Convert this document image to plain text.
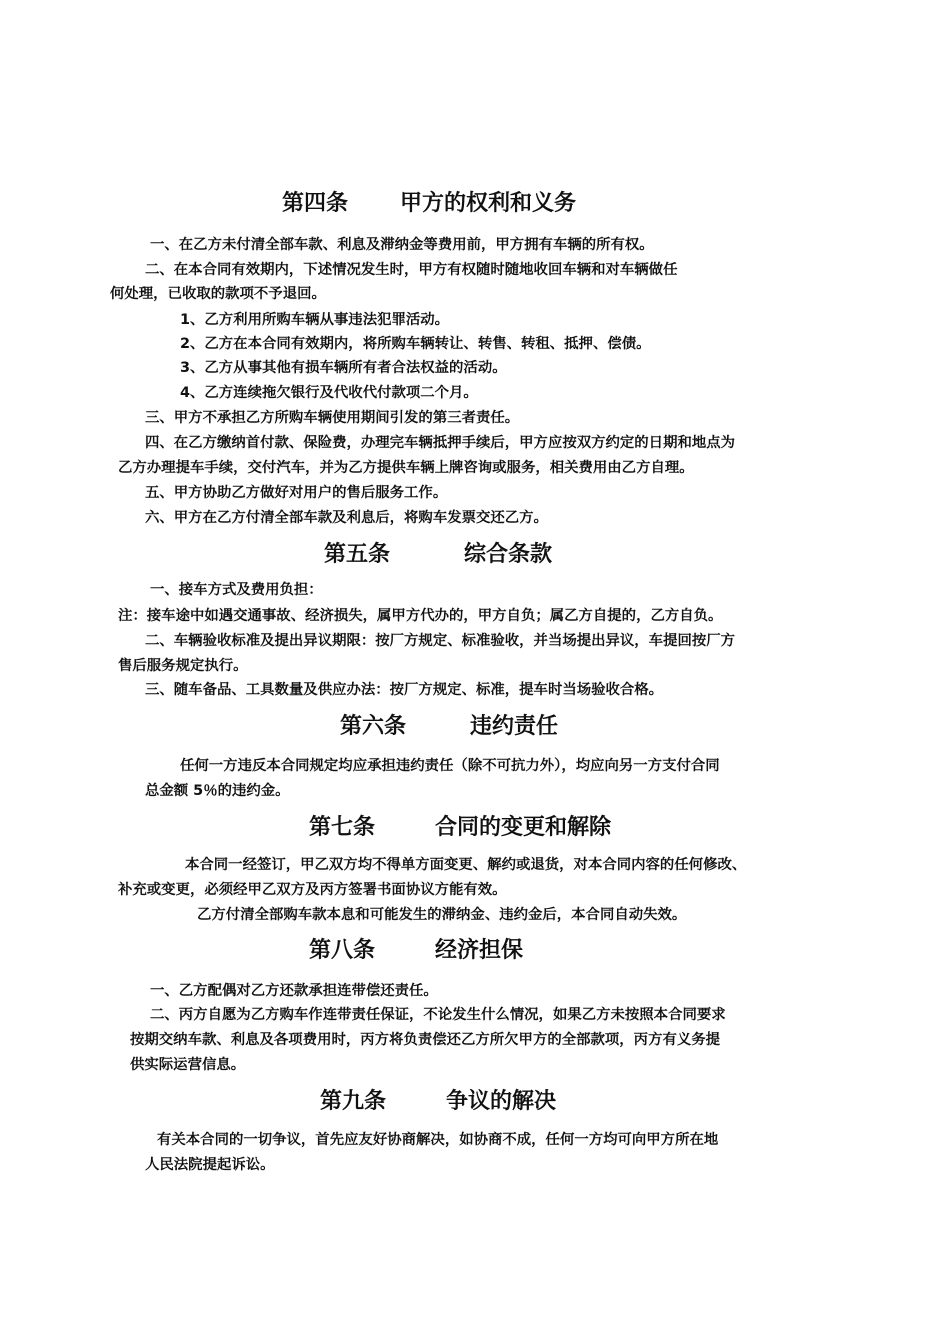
第四条 甲方的权利和义务
一、在乙方未付清全部车款、利息及滞纳金等费用前，甲方拥有车辆的所有权。
二、在本合同有效期内，下述情况发生时，甲方有权随时随地收回车辆和对车辆做任
何处理，已收取的款项不予退回。
1、乙方利用所购车辆从事违法犯罪活动。
2、乙方在本合同有效期内，将所购车辆转让、转售、转租、抵押、偿债。
3、乙方从事其他有损车辆所有者合法权益的活动。
4、乙方连续拖欠银行及代收代付款项二个月。
三、甲方不承担乙方所购车辆使用期间引发的第三者责任。
四、在乙方缴纳首付款、保险费，办理完车辆抵押手续后，甲方应按双方约定的日期和地点为
乙方办理提车手续，交付汽车，并为乙方提供车辆上牌咨询或服务，相关费用由乙方自理。
五、甲方协助乙方做好对用户的售后服务工作。
六、甲方在乙方付清全部车款及利息后，将购车发票交还乙方。
第五条	综合条款
一、接车方式及费用负担：
注：接车途中如遇交通事故、经济损失，属甲方代办的，甲方自负；属乙方自提的，乙方自负。
二、车辆验收标准及提出异议期限：按厂方规定、标准验收，并当场提出异议，车提回按厂方
售后服务规定执行。
三、随车备品、工具数量及供应办法：按厂方规定、标准，提车时当场验收合格。
第六条	违约责任
任何一方违反本合同规定均应承担违约责任（除不可抗力外），均应向另一方支付合同
总金额 5％的违约金。
第七条	合同的变更和解除
本合同一经签订，甲乙双方均不得单方面变更、解约或退货，对本合同内容的任何修改、
补充或变更，必须经甲乙双方及丙方签署书面协议方能有效。
乙方付清全部购车款本息和可能发生的滞纳金、违约金后，本合同自动失效。
第八条	经济担保
一、乙方配偶对乙方还款承担连带偿还责任。
二、丙方自愿为乙方购车作连带责任保证，不论发生什么情况，如果乙方未按照本合同要求
按期交纳车款、利息及各项费用时，丙方将负责偿还乙方所欠甲方的全部款项，丙方有义务提
供实际运营信息。
第九条	争议的解决
有关本合同的一切争议，首先应友好协商解决，如协商不成，任何一方均可向甲方所在地
人民法院提起诉讼。
